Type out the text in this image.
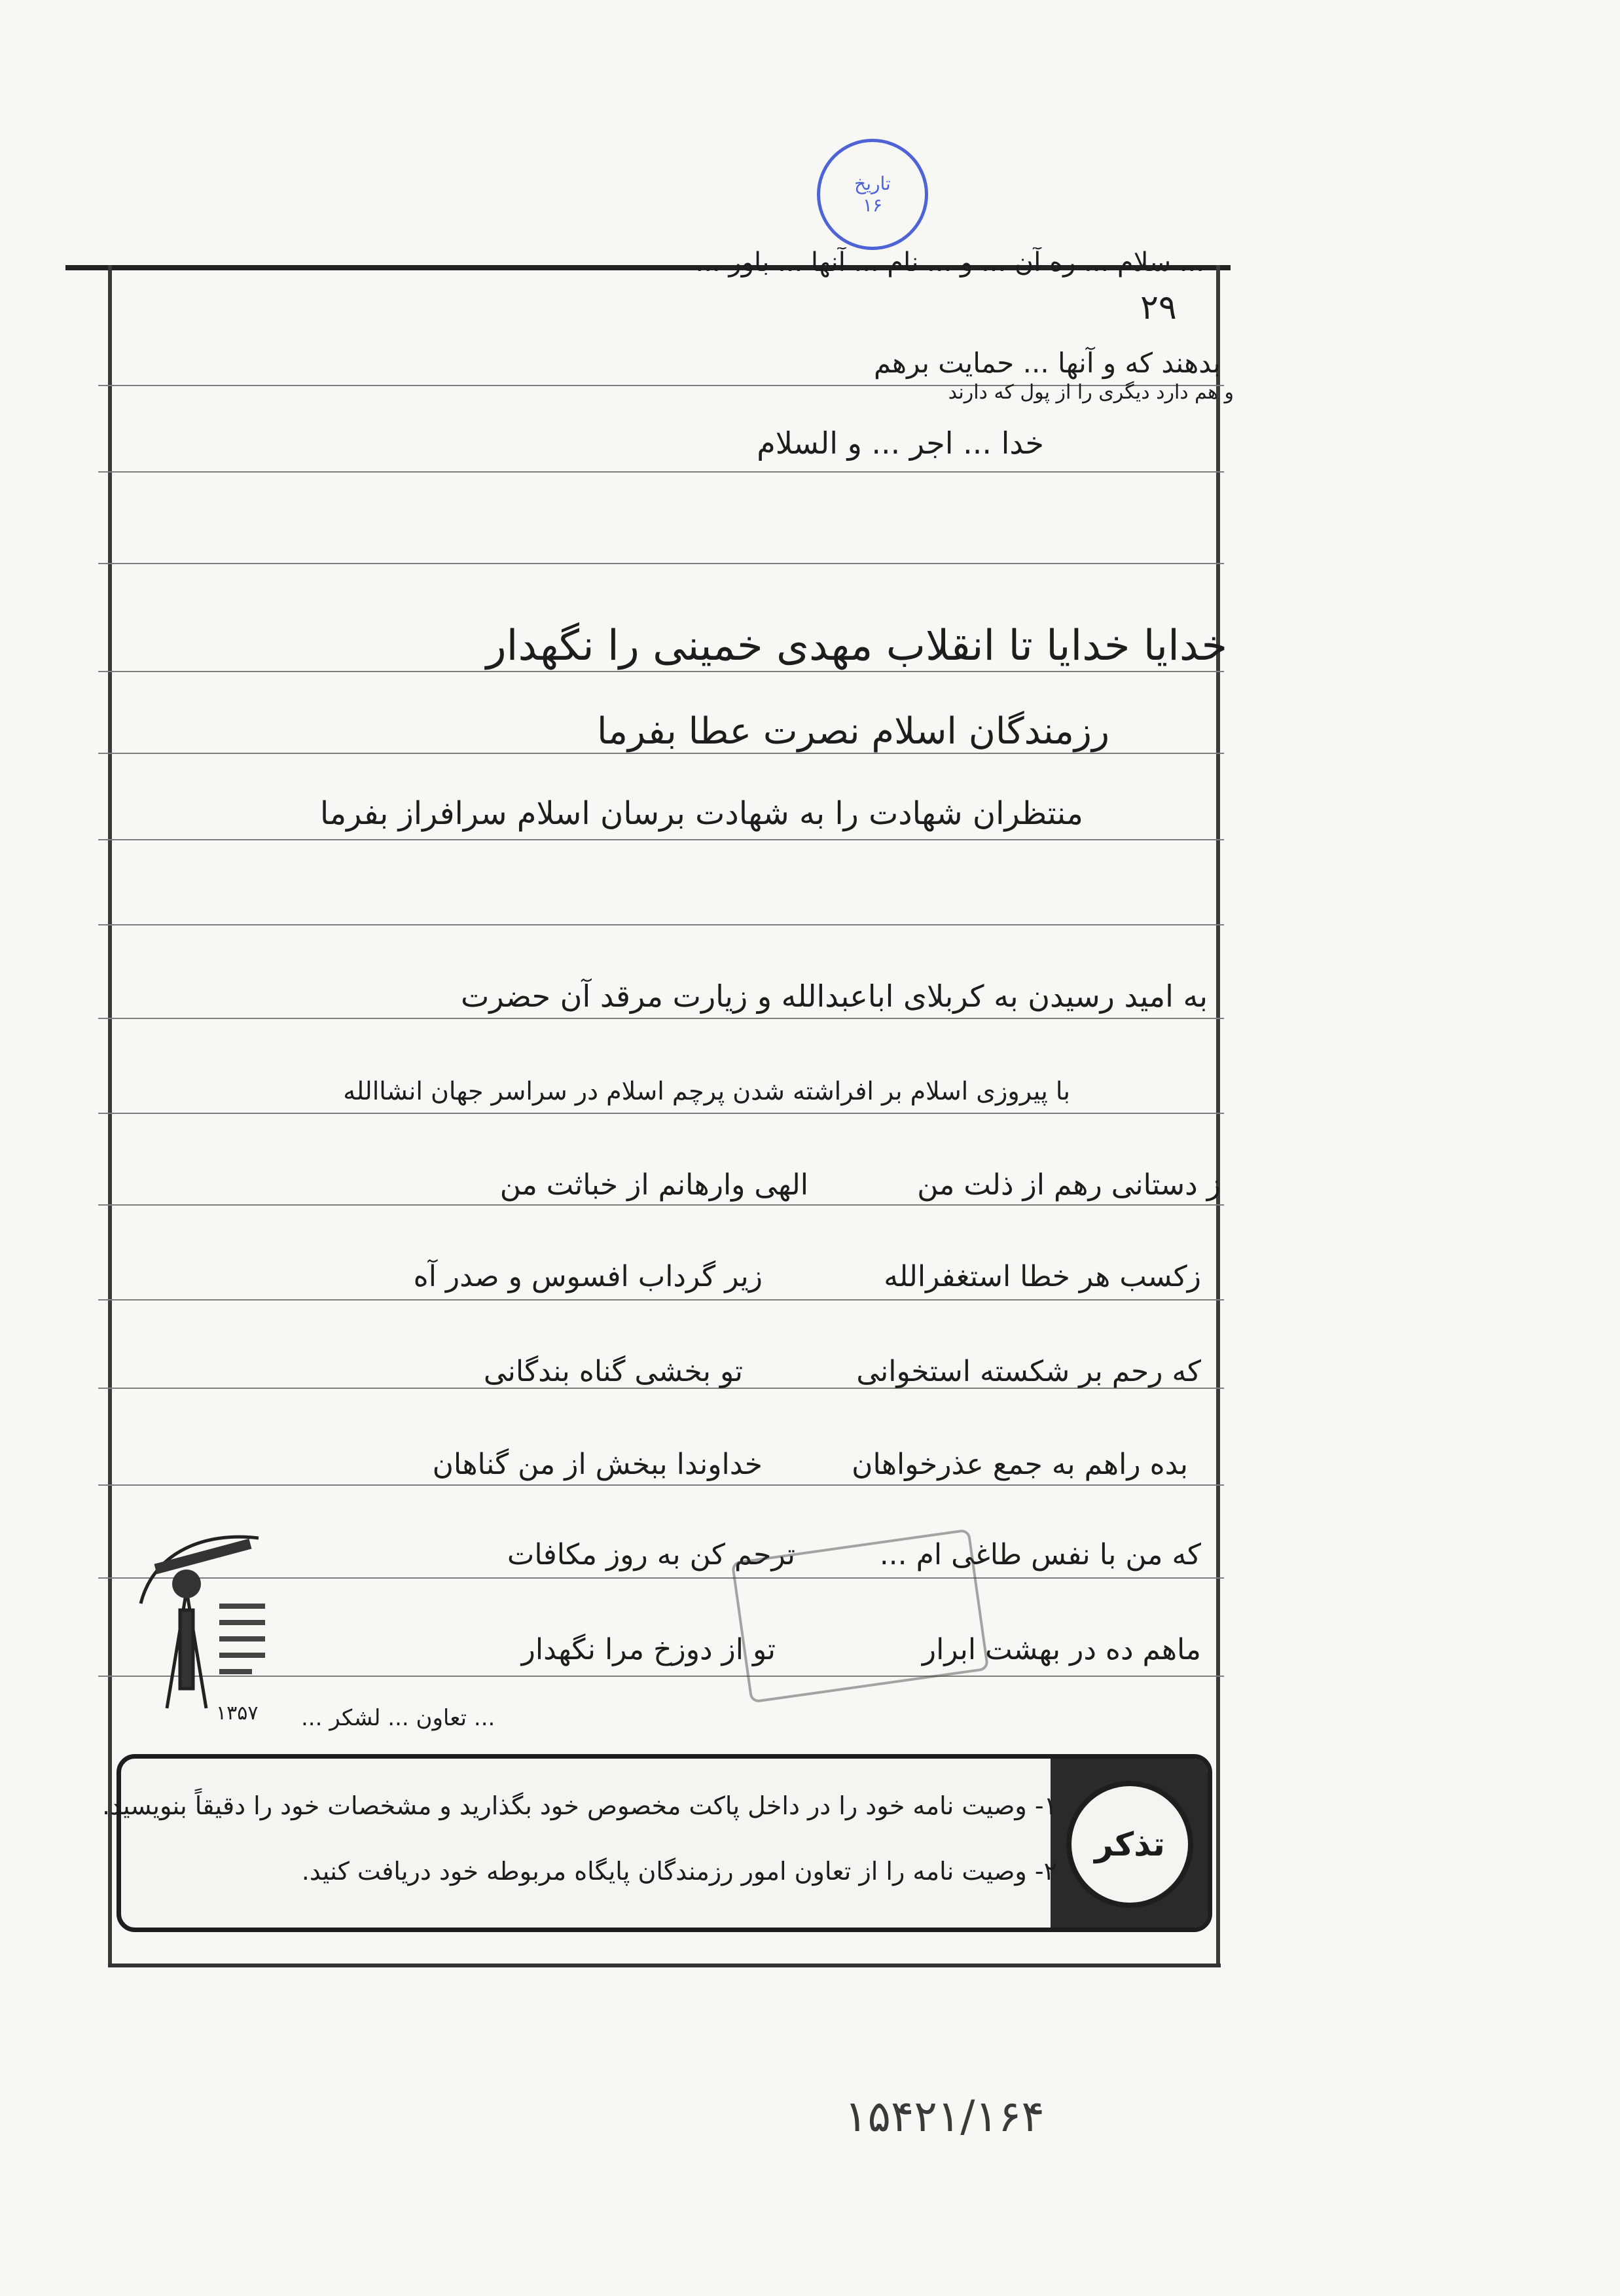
تاریخ
۱۶
... سلام ... ره آن ... و ... نام ... آنها ... باور ...
۲۹
بدهند که و آنها ... حمایت برهم
و هم دارد دیگری را از پول که دارند
خدا ... اجر ... و السلام
خدایا خدایا تا انقلاب مهدی خمینی را نگهدار
رزمندگان اسلام نصرت عطا بفرما
منتظران شهادت را به شهادت برسان اسلام سرافراز بفرما
به امید رسیدن به کربلای اباعبدالله و زیارت مرقد آن حضرت
با پیروزی اسلام بر افراشته شدن پرچم اسلام در سراسر جهان انشاالله
الهی وارهانم از خباثت من	ز دستانی رهم از ذلت من
زیر گرداب افسوس و صدر آه	زکسب هر خطا استغفرالله
تو بخشی گناه بندگانی	که رحم بر شکسته استخوانی
خداوندا ببخش از من گناهان	بده راهم به جمع عذرخواهان
ترحم کن به روز مکافات	که من با نفس طاغی ام ...
تو از دوزخ مرا نگهدار	ماهم ده در بهشت ابرار
۱۳۵۷ ... تعاون ... لشکر ...
تذکر
۱- وصیت نامه خود را در داخل پاکت مخصوص خود بگذارید و مشخصات خود را دقیقاً بنویسید.
۲- وصیت نامه را از تعاون امور رزمندگان پایگاه مربوطه خود دریافت کنید.
۱۵۴۲۱/۱۶۴
